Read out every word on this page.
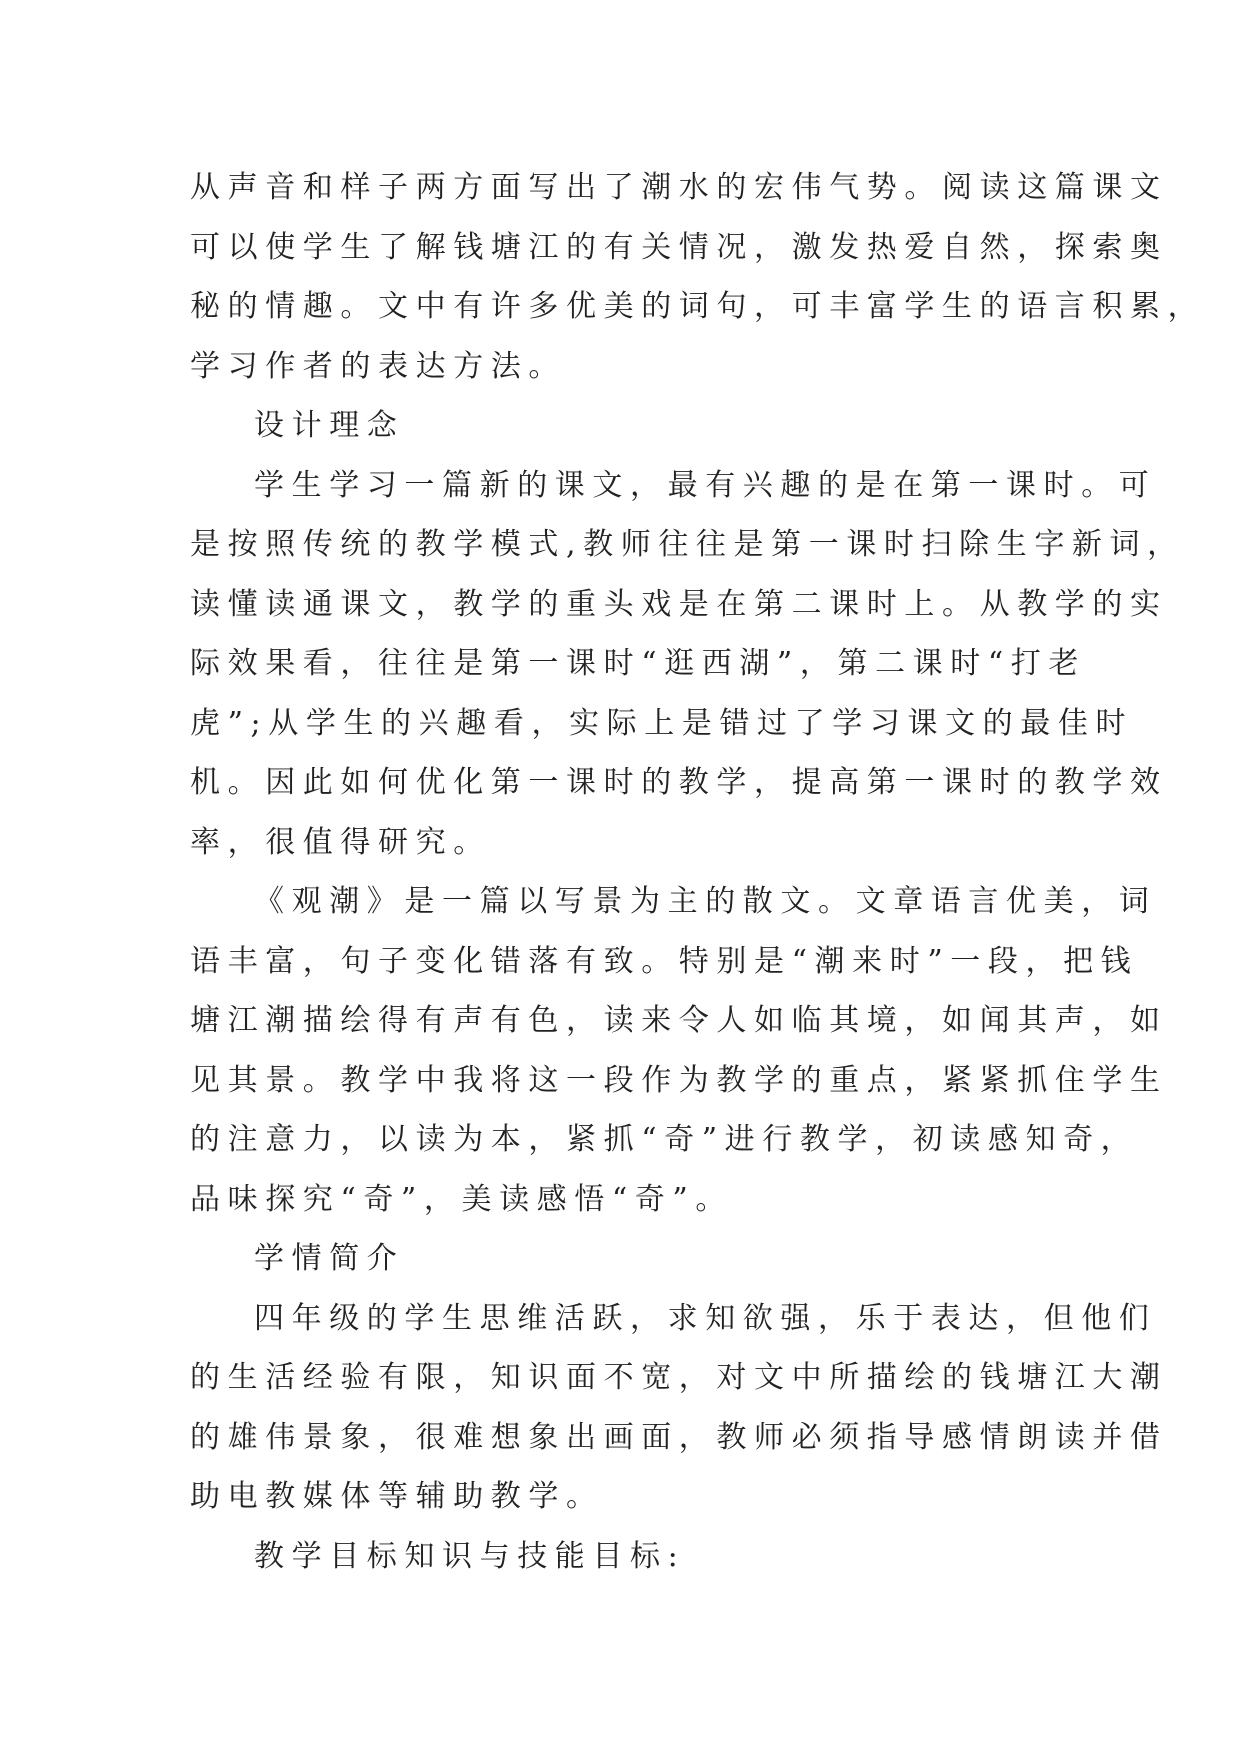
从声音和样子两方面写出了潮水的宏伟气势。阅读这篇课文
可以使学生了解钱塘江的有关情况，激发热爱自然，探索奥
秘的情趣。文中有许多优美的词句，可丰富学生的语言积累，
学习作者的表达方法。
设计理念
学生学习一篇新的课文，最有兴趣的是在第一课时。可
是按照传统的教学模式,教师往往是第一课时扫除生字新词，
读懂读通课文，教学的重头戏是在第二课时上。从教学的实
际效果看，往往是第一课时“逛西湖”，第二课时“打老
虎”;从学生的兴趣看，实际上是错过了学习课文的最佳时
机。因此如何优化第一课时的教学，提高第一课时的教学效
率，很值得研究。
《观潮》是一篇以写景为主的散文。文章语言优美，词
语丰富，句子变化错落有致。特别是“潮来时”一段，把钱
塘江潮描绘得有声有色，读来令人如临其境，如闻其声，如
见其景。教学中我将这一段作为教学的重点，紧紧抓住学生
的注意力，以读为本，紧抓“奇”进行教学，初读感知奇，
品味探究“奇”，美读感悟“奇”。
学情简介
四年级的学生思维活跃，求知欲强，乐于表达，但他们
的生活经验有限，知识面不宽，对文中所描绘的钱塘江大潮
的雄伟景象，很难想象出画面，教师必须指导感情朗读并借
助电教媒体等辅助教学。
教学目标知识与技能目标:
